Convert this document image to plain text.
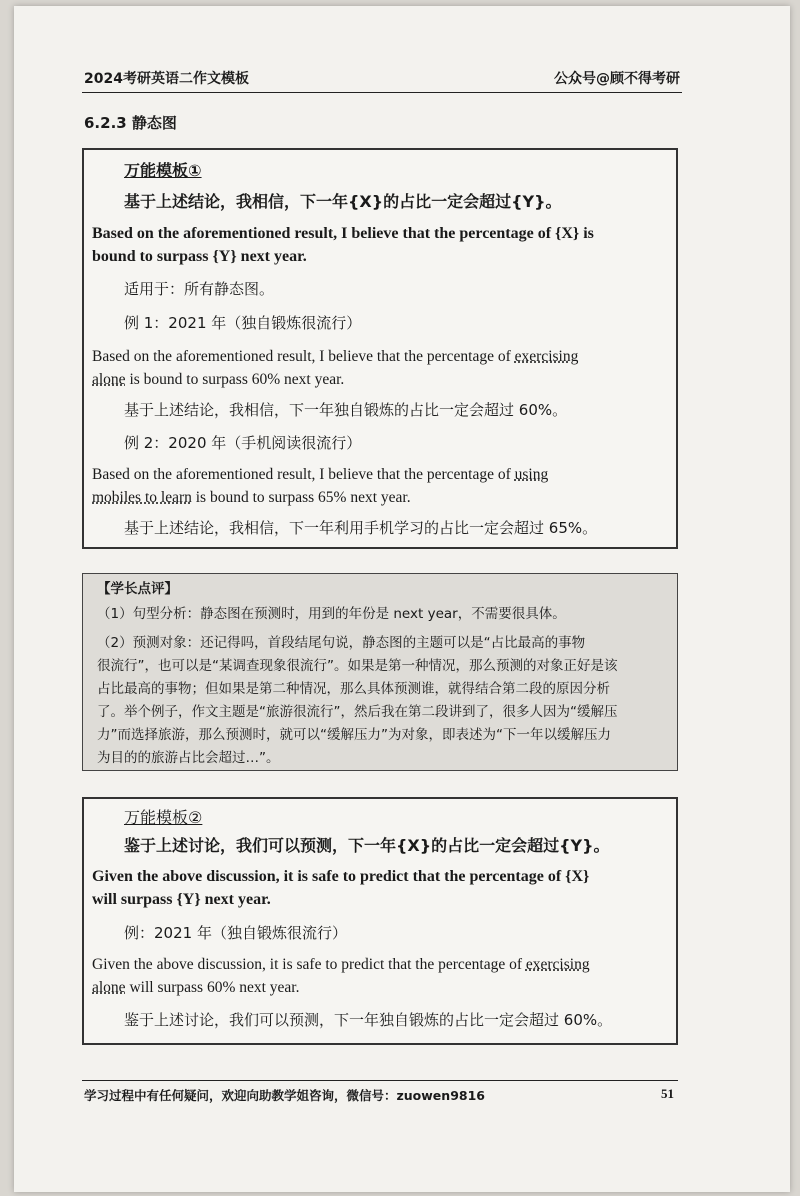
2024考研英语二作文模板	公众号@顾不得考研
6.2.3 静态图
万能模板①
基于上述结论，我相信，下一年{X}的占比一定会超过{Y}。
Based on the aforementioned result, I believe that the percentage of {X} is
bound to surpass {Y} next year.
适用于：所有静态图。
例 1：2021 年（独自锻炼很流行）
Based on the aforementioned result, I believe that the percentage of exercising
alone is bound to surpass 60% next year.
基于上述结论，我相信，下一年独自锻炼的占比一定会超过 60%。
例 2：2020 年（手机阅读很流行）
Based on the aforementioned result, I believe that the percentage of using
mobiles to learn is bound to surpass 65% next year.
基于上述结论，我相信，下一年利用手机学习的占比一定会超过 65%。
【学长点评】
（1）句型分析：静态图在预测时，用到的年份是 next year，不需要很具体。
（2）预测对象：还记得吗，首段结尾句说，静态图的主题可以是“占比最高的事物
很流行”，也可以是“某调查现象很流行”。如果是第一种情况，那么预测的对象正好是该
占比最高的事物；但如果是第二种情况，那么具体预测谁，就得结合第二段的原因分析
了。举个例子，作文主题是“旅游很流行”，然后我在第二段讲到了，很多人因为“缓解压
力”而选择旅游，那么预测时，就可以“缓解压力”为对象，即表述为“下一年以缓解压力
为目的的旅游占比会超过…”。
万能模板②
鉴于上述讨论，我们可以预测，下一年{X}的占比一定会超过{Y}。
Given the above discussion, it is safe to predict that the percentage of {X}
will surpass {Y} next year.
例：2021 年（独自锻炼很流行）
Given the above discussion, it is safe to predict that the percentage of exercising
alone will surpass 60% next year.
鉴于上述讨论，我们可以预测，下一年独自锻炼的占比一定会超过 60%。
学习过程中有任何疑问，欢迎向助教学姐咨询，微信号：zuowen9816	51
